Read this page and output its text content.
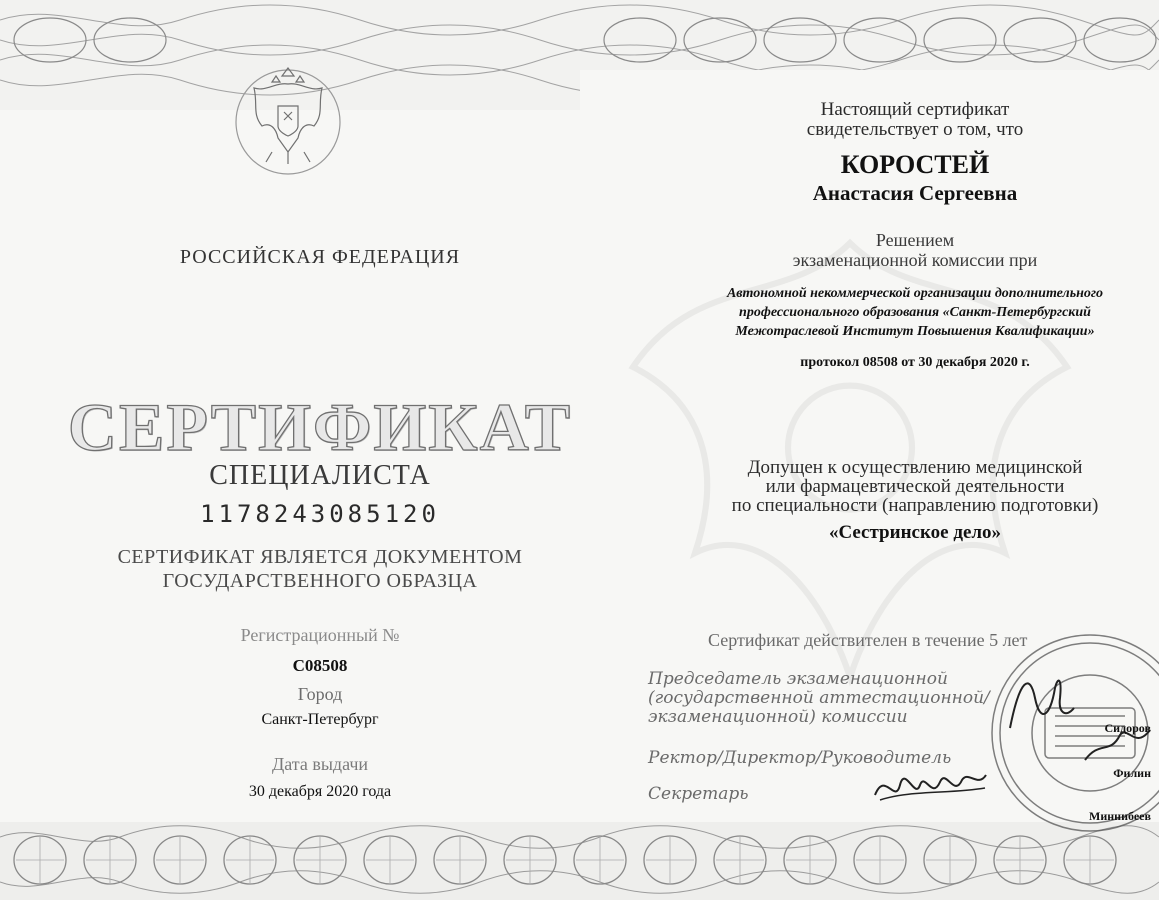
РОССИЙСКАЯ ФЕДЕРАЦИЯ
СЕРТИФИКАТ
СПЕЦИАЛИСТА
1178243085120
СЕРТИФИКАТ ЯВЛЯЕТСЯ ДОКУМЕНТОМ
ГОСУДАРСТВЕННОГО ОБРАЗЦА
Регистрационный №
С08508
Город
Санкт-Петербург
Дата выдачи
30 декабря 2020 года
Настоящий сертификат
свидетельствует о том, что
КОРОСТЕЙ
Анастасия Сергеевна
Решением
экзаменационной комиссии при
Автономной некоммерческой организации дополнительного
профессионального образования «Санкт-Петербургский
Межотраслевой Институт Повышения Квалификации»
протокол 08508 от 30 декабря 2020 г.
Допущен к осуществлению медицинской
или фармацевтической деятельности
по специальности (направлению подготовки)
«Сестринское дело»
Сертификат действителен в течение 5 лет
Председатель экзаменационной
(государственной аттестационной/
экзаменационной) комиссии
Ректор/Директор/Руководитель
Секретарь
Сидоров
Филин
Миннибеев
